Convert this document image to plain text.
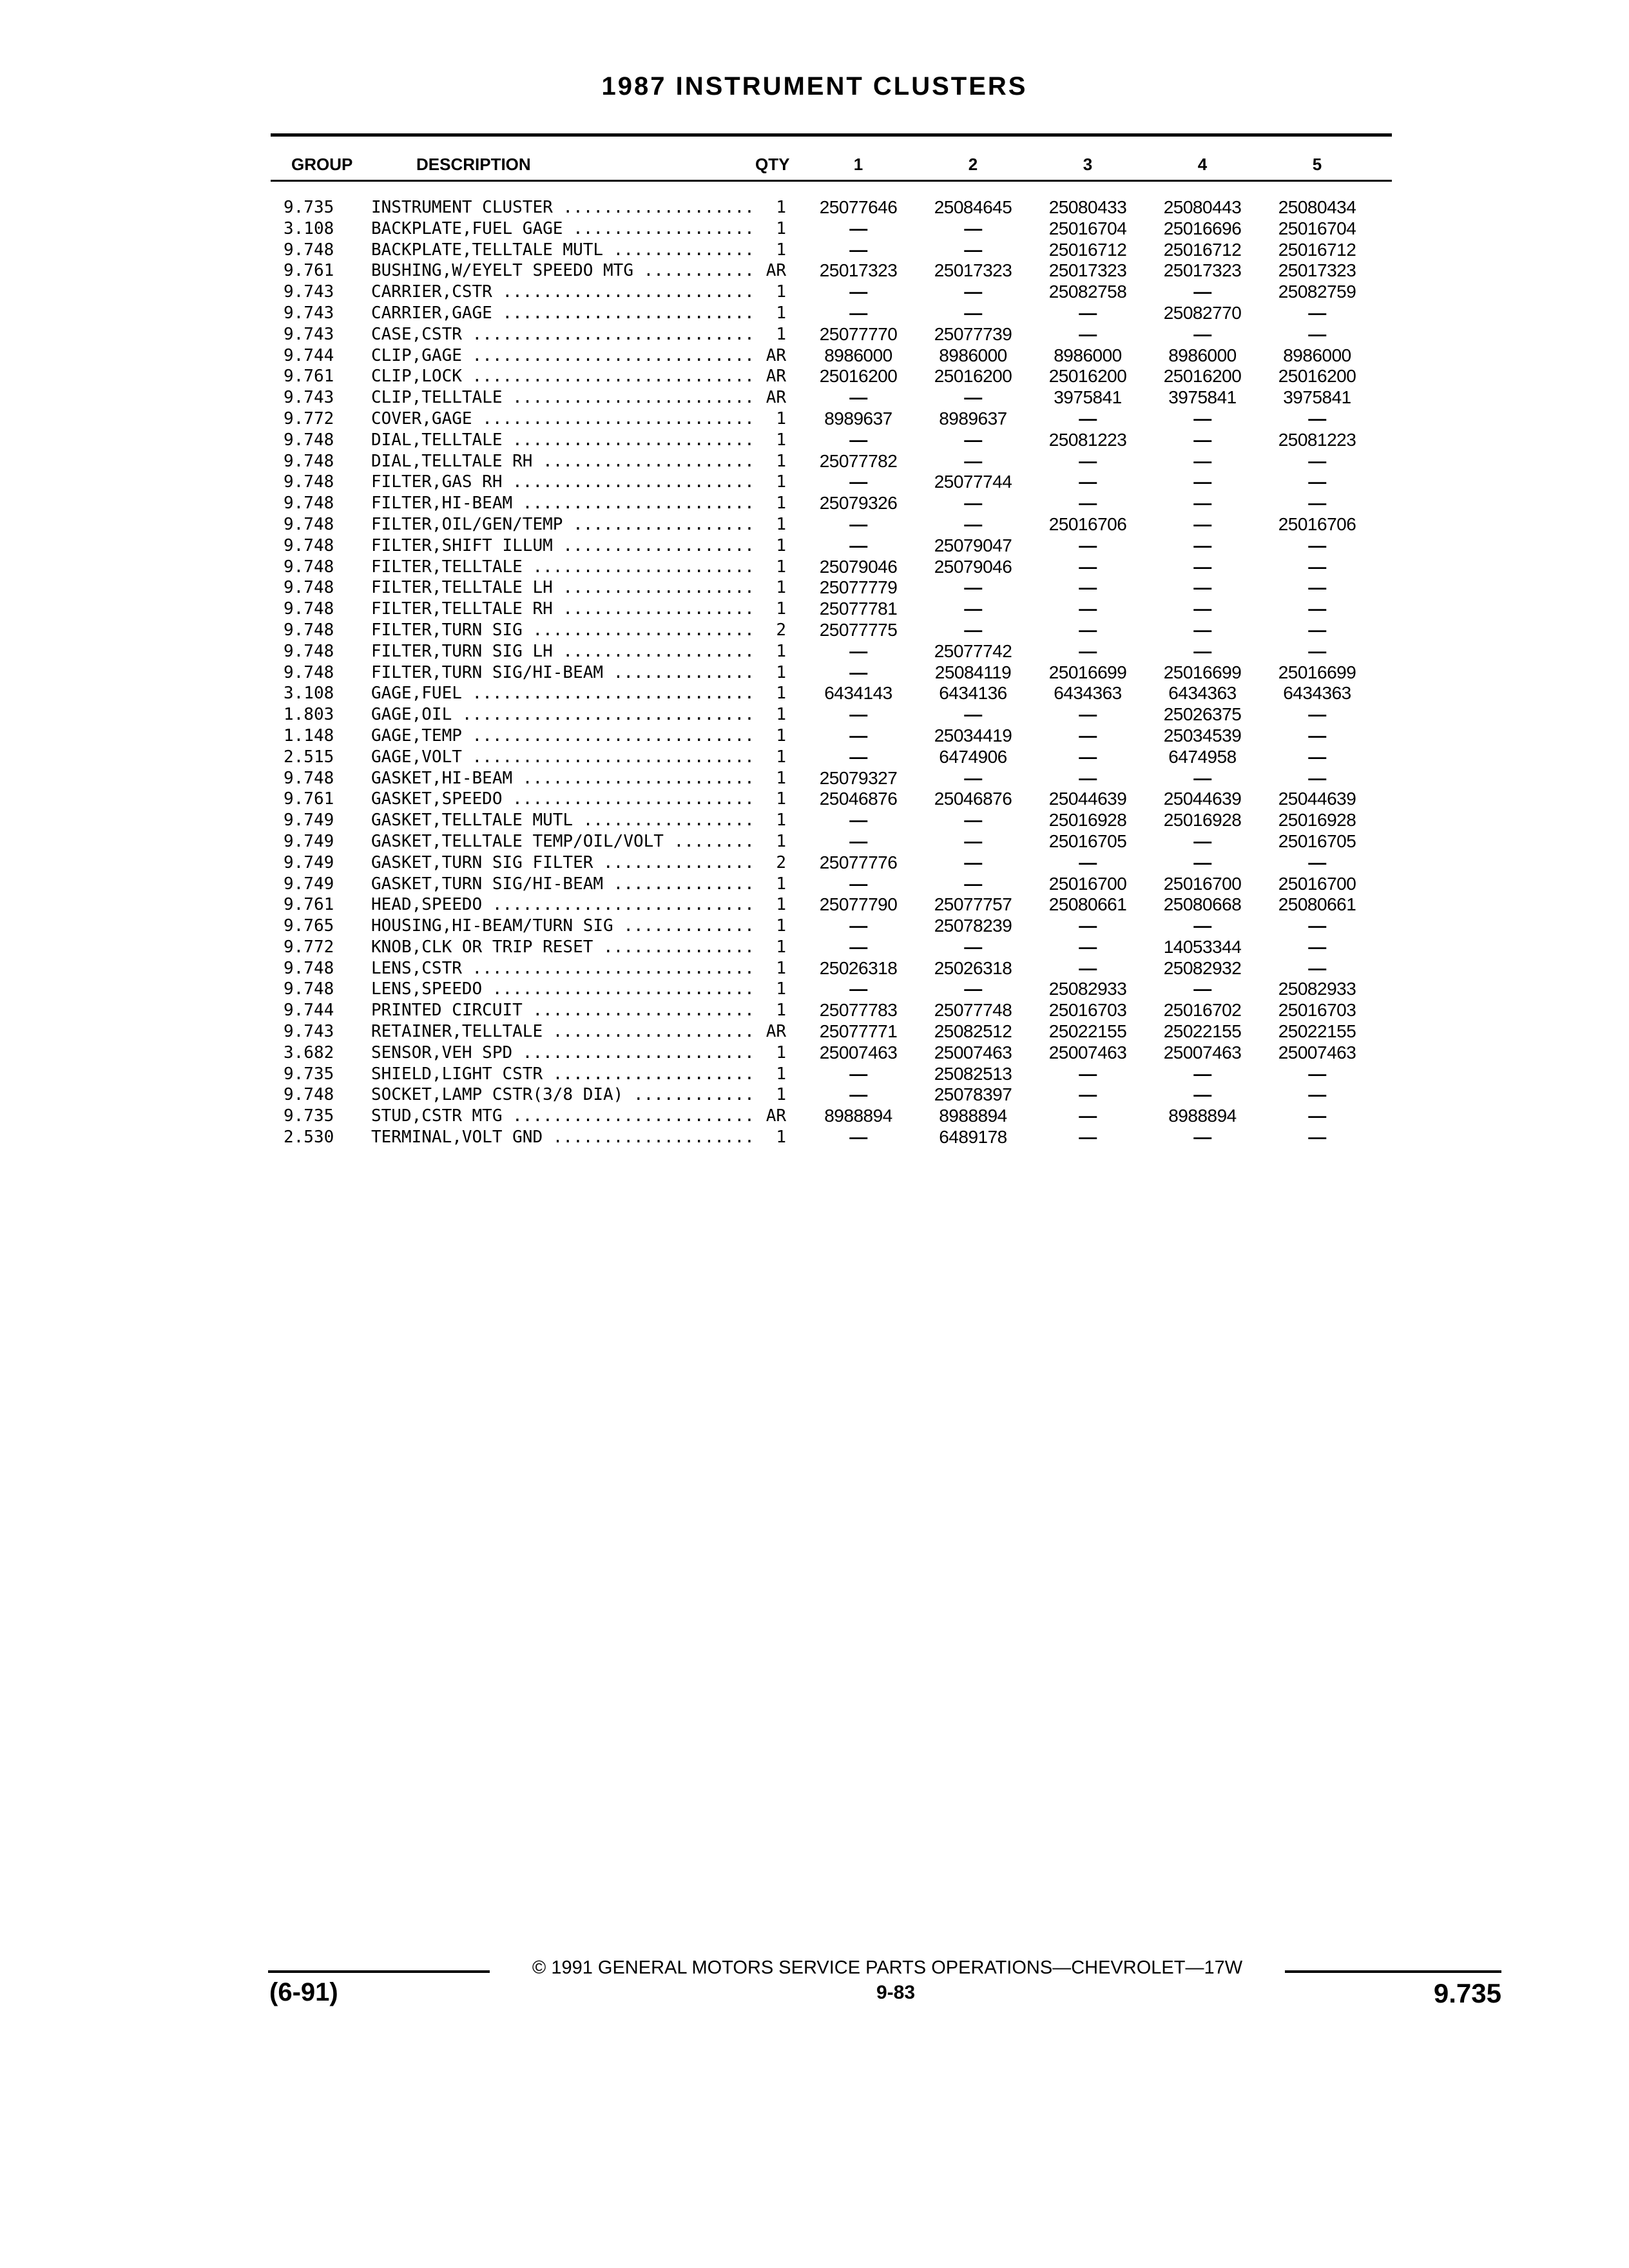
1987 INSTRUMENT CLUSTERS
GROUP	DESCRIPTION	QTY	1	2	3	4	5
9.735	INSTRUMENT CLUSTER .....	1	25077646	25084645	25080433	25080443	25080434
3.108	BACKPLATE,FUEL GAGE .....	1	—	—	25016704	25016696	25016704
9.748	BACKPLATE,TELLTALE MUTL .....	1	—	—	25016712	25016712	25016712
9.761	BUSHING,W/EYELT SPEEDO MTG .....	AR	25017323	25017323	25017323	25017323	25017323
9.743	CARRIER,CSTR .....	1	—	—	25082758	—	25082759
9.743	CARRIER,GAGE .....	1	—	—	—	25082770	—
9.743	CASE,CSTR .....	1	25077770	25077739	—	—	—
9.744	CLIP,GAGE .....	AR	8986000	8986000	8986000	8986000	8986000
9.761	CLIP,LOCK .....	AR	25016200	25016200	25016200	25016200	25016200
9.743	CLIP,TELLTALE .....	AR	—	—	3975841	3975841	3975841
9.772	COVER,GAGE .....	1	8989637	8989637	—	—	—
9.748	DIAL,TELLTALE .....	1	—	—	25081223	—	25081223
9.748	DIAL,TELLTALE RH .....	1	25077782	—	—	—	—
9.748	FILTER,GAS RH .....	1	—	25077744	—	—	—
9.748	FILTER,HI-BEAM .....	1	25079326	—	—	—	—
9.748	FILTER,OIL/GEN/TEMP .....	1	—	—	25016706	—	25016706
9.748	FILTER,SHIFT ILLUM .....	1	—	25079047	—	—	—
9.748	FILTER,TELLTALE .....	1	25079046	25079046	—	—	—
9.748	FILTER,TELLTALE LH .....	1	25077779	—	—	—	—
9.748	FILTER,TELLTALE RH .....	1	25077781	—	—	—	—
9.748	FILTER,TURN SIG .....	2	25077775	—	—	—	—
9.748	FILTER,TURN SIG LH .....	1	—	25077742	—	—	—
9.748	FILTER,TURN SIG/HI-BEAM .....	1	—	25084119	25016699	25016699	25016699
3.108	GAGE,FUEL .....	1	6434143	6434136	6434363	6434363	6434363
1.803	GAGE,OIL .....	1	—	—	—	25026375	—
1.148	GAGE,TEMP .....	1	—	25034419	—	25034539	—
2.515	GAGE,VOLT .....	1	—	6474906	—	6474958	—
9.748	GASKET,HI-BEAM .....	1	25079327	—	—	—	—
9.761	GASKET,SPEEDO .....	1	25046876	25046876	25044639	25044639	25044639
9.749	GASKET,TELLTALE MUTL .....	1	—	—	25016928	25016928	25016928
9.749	GASKET,TELLTALE TEMP/OIL/VOLT .....	1	—	—	25016705	—	25016705
9.749	GASKET,TURN SIG FILTER .....	2	25077776	—	—	—	—
9.749	GASKET,TURN SIG/HI-BEAM .....	1	—	—	25016700	25016700	25016700
9.761	HEAD,SPEEDO .....	1	25077790	25077757	25080661	25080668	25080661
9.765	HOUSING,HI-BEAM/TURN SIG .....	1	—	25078239	—	—	—
9.772	KNOB,CLK OR TRIP RESET .....	1	—	—	—	14053344	—
9.748	LENS,CSTR .....	1	25026318	25026318	—	25082932	—
9.748	LENS,SPEEDO .....	1	—	—	25082933	—	25082933
9.744	PRINTED CIRCUIT .....	1	25077783	25077748	25016703	25016702	25016703
9.743	RETAINER,TELLTALE .....	AR	25077771	25082512	25022155	25022155	25022155
3.682	SENSOR,VEH SPD .....	1	25007463	25007463	25007463	25007463	25007463
9.735	SHIELD,LIGHT CSTR .....	1	—	25082513	—	—	—
9.748	SOCKET,LAMP CSTR(3/8 DIA) .....	1	—	25078397	—	—	—
9.735	STUD,CSTR MTG .....	AR	8988894	8988894	—	8988894	—
2.530	TERMINAL,VOLT GND .....	1	—	6489178	—	—	—
© 1991 GENERAL MOTORS SERVICE PARTS OPERATIONS—CHEVROLET—17W
(6-91)	9-83	9.735
